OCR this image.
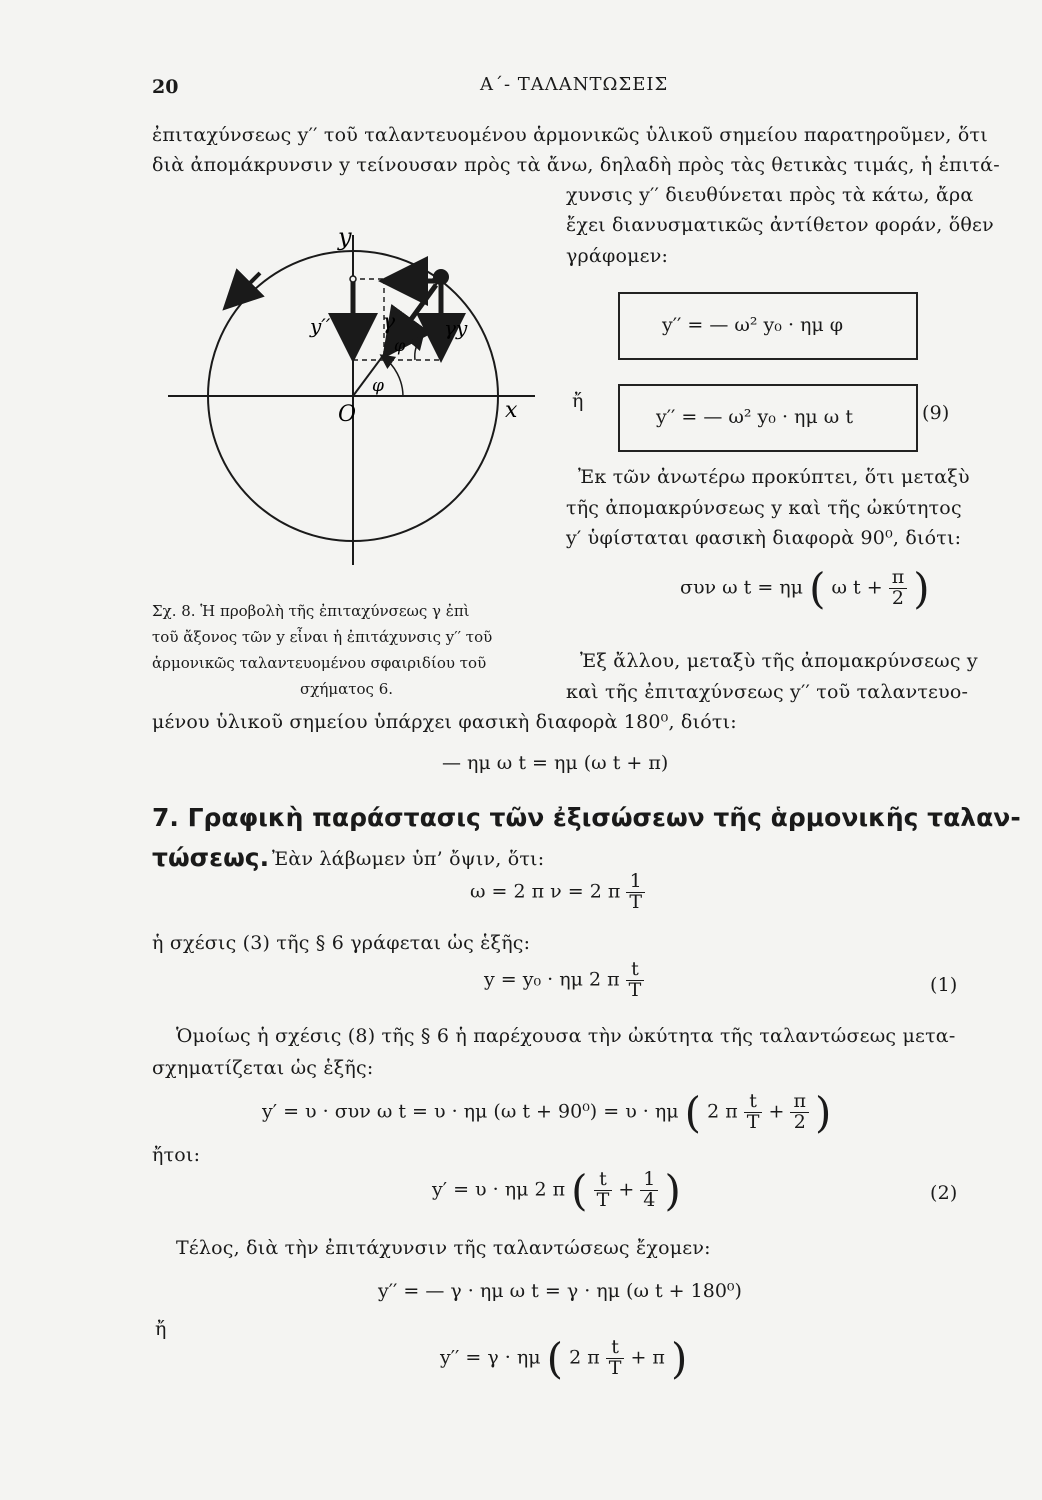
20	Α΄- ΤΑΛΑΝΤΩΣΕΙΣ
ἐπιταχύνσεως y′′ τοῦ ταλαντευομένου ἁρμονικῶς ὑλικοῦ σημείου παρατηροῦμεν, ὅτι
διὰ ἀπομάκρυνσιν y τείνουσαν πρὸς τὰ ἄνω, δηλαδὴ πρὸς τὰς θετικὰς τιμάς, ἡ ἐπιτά-
χυνσις y′′ διευθύνεται πρὸς τὰ κάτω, ἄρα
ἔχει διανυσματικῶς ἀντίθετον φοράν, ὅθεν
γράφομεν:
y
y′′ γ γy
φ
φ
O	x
Σχ. 8. Ἡ προβολὴ τῆς ἐπιταχύνσεως γ ἐπὶ
τοῦ ἄξονος τῶν y εἶναι ἡ ἐπιτάχυνσις y′′ τοῦ
ἁρμονικῶς ταλαντευομένου σφαιριδίου τοῦ
σχήματος 6.
y′′ = — ω² y₀ · ημ φ
ἤ
y′′ = — ω² y₀ · ημ ω t	(9)
Ἐκ τῶν ἀνωτέρω προκύπτει, ὅτι μεταξὺ
τῆς ἀπομακρύνσεως y καὶ τῆς ὠκύτητος
y′ ὑφίσταται φασικὴ διαφορὰ 90⁰, διότι:
συν ω t = ημ ( ω $t + \frac{\pi}{2}$ )
Ἐξ ἄλλου, μεταξὺ τῆς ἀπομακρύνσεως y
καὶ τῆς ἐπιταχύνσεως y′′ τοῦ ταλαντευο-
μένου ὑλικοῦ σημείου ὑπάρχει φασικὴ διαφορὰ 180⁰, διότι:
— ημ ω t = ημ (ω t + π)
7. Γραφικὴ παράστασις τῶν ἐξισώσεων τῆς ἁρμονικῆς ταλαν-
τώσεως. Ἐὰν λάβωμεν ὑπ’ ὄψιν, ὅτι:
ω = 2 π ν = 2 π $\frac{1}{T}$
ἡ σχέσις (3) τῆς § 6 γράφεται ὡς ἑξῆς:
y = y₀ · ημ 2 π $\frac{t}{T}$	(1)
Ὁμοίως ἡ σχέσις (8) τῆς § 6 ἡ παρέχουσα τὴν ὠκύτητα τῆς ταλαντώσεως μετα-
σχηματίζεται ὡς ἑξῆς:
y′ = υ · συν ω t = υ · ημ (ω t + 90⁰) = υ · ημ ( 2 π $\frac{t}{T} + \frac{\pi}{2}$ )
ἤτοι:
y′ = υ · ημ 2 π ( $\frac{t}{T} + \frac{1}{4}$ )	(2)
Τέλος, διὰ τὴν ἐπιτάχυνσιν τῆς ταλαντώσεως ἔχομεν:
y′′ = — γ · ημ ω t = γ · ημ (ω t + 180⁰)
ἤ
y′′ = γ · ημ ( 2 π $\frac{t}{T} + \pi$ )
